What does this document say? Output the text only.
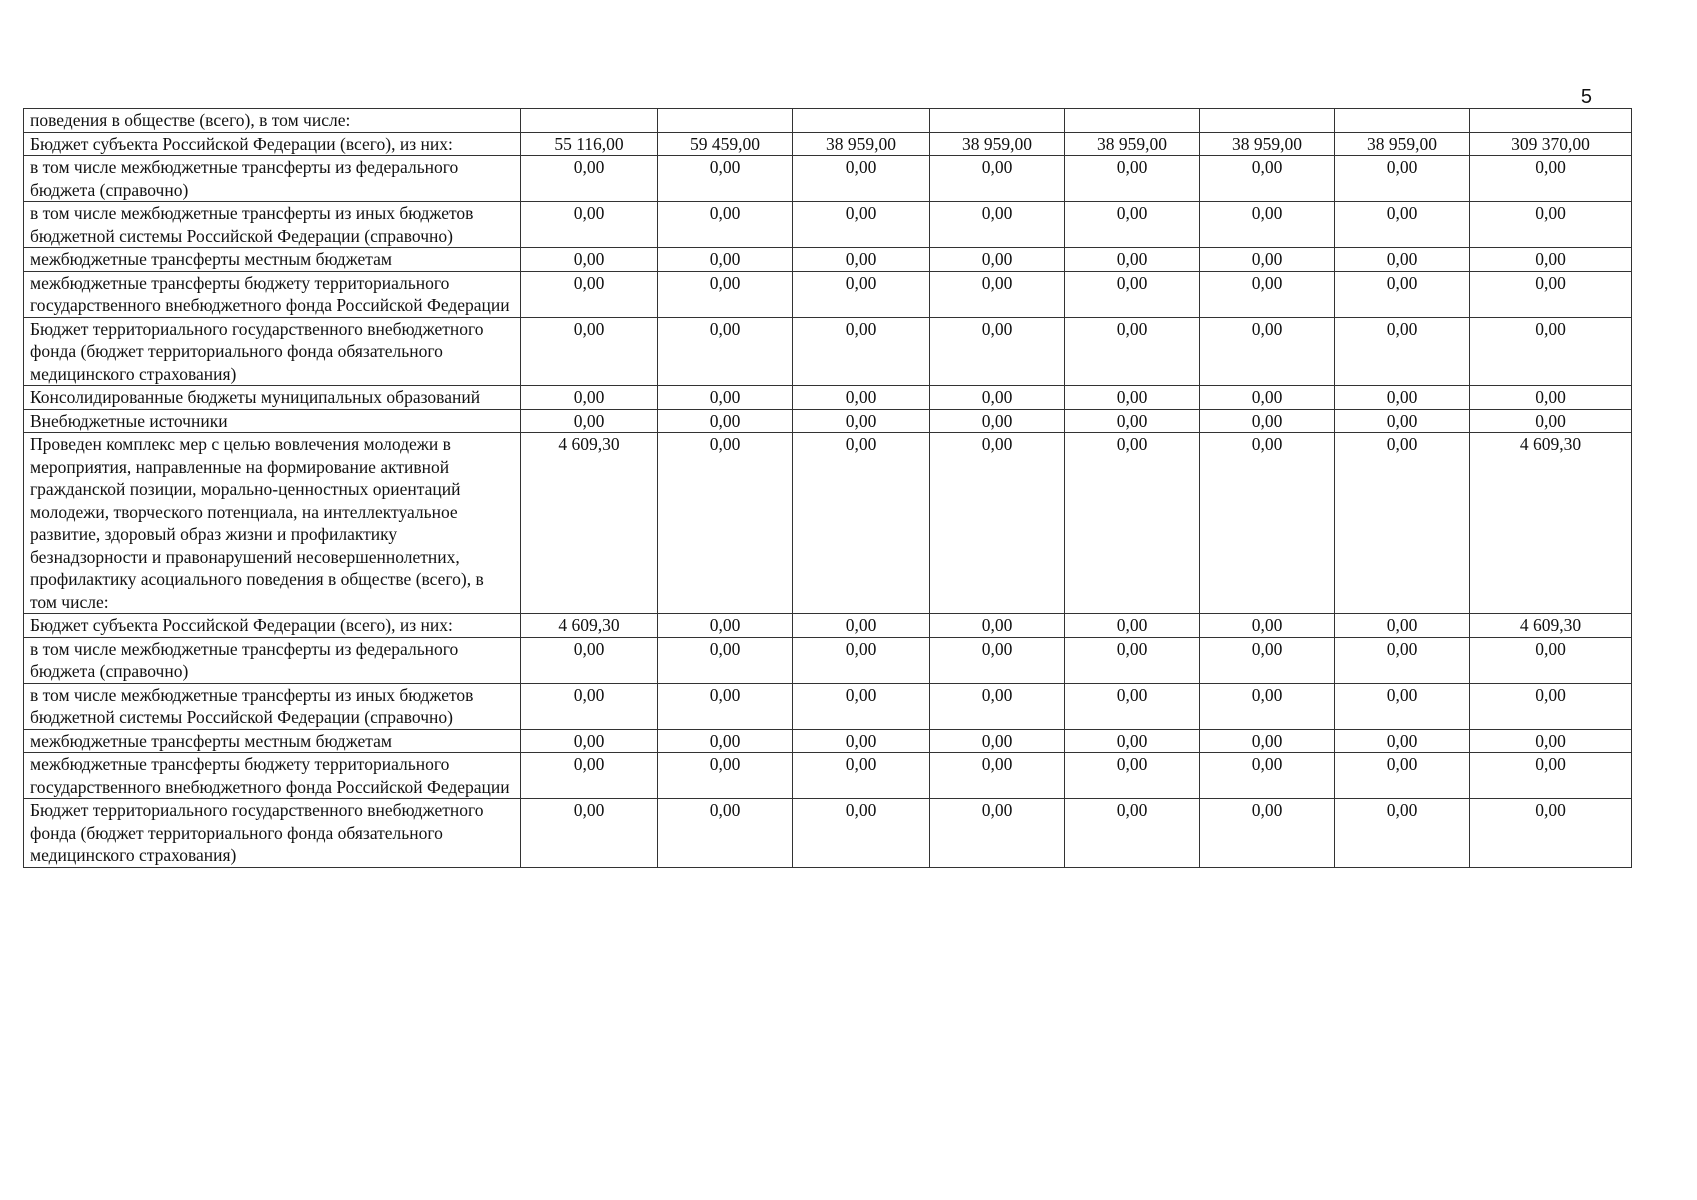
5
поведения в обществе (всего), в том числе:								
Бюджет субъекта Российской Федерации (всего), из них:	55 116,00	59 459,00	38 959,00	38 959,00	38 959,00	38 959,00	38 959,00	309 370,00
в том числе межбюджетные трансферты из федерального бюджета (справочно)	0,00	0,00	0,00	0,00	0,00	0,00	0,00	0,00
в том числе межбюджетные трансферты из иных бюджетов бюджетной системы Российской Федерации (справочно)	0,00	0,00	0,00	0,00	0,00	0,00	0,00	0,00
межбюджетные трансферты местным бюджетам	0,00	0,00	0,00	0,00	0,00	0,00	0,00	0,00
межбюджетные трансферты бюджету территориального государственного внебюджетного фонда Российской Федерации	0,00	0,00	0,00	0,00	0,00	0,00	0,00	0,00
Бюджет территориального государственного внебюджетного фонда (бюджет территориального фонда обязательного медицинского страхования)	0,00	0,00	0,00	0,00	0,00	0,00	0,00	0,00
Консолидированные бюджеты муниципальных образований	0,00	0,00	0,00	0,00	0,00	0,00	0,00	0,00
Внебюджетные источники	0,00	0,00	0,00	0,00	0,00	0,00	0,00	0,00
Проведен комплекс мер с целью вовлечения молодежи в мероприятия, направленные на формирование активной гражданской позиции, морально-ценностных ориентаций молодежи, творческого потенциала, на интеллектуальное развитие, здоровый образ жизни и профилактику безнадзорности и правонарушений несовершеннолетних, профилактику асоциального поведения в обществе (всего), в том числе:	4 609,30	0,00	0,00	0,00	0,00	0,00	0,00	4 609,30
Бюджет субъекта Российской Федерации (всего), из них:	4 609,30	0,00	0,00	0,00	0,00	0,00	0,00	4 609,30
в том числе межбюджетные трансферты из федерального бюджета (справочно)	0,00	0,00	0,00	0,00	0,00	0,00	0,00	0,00
в том числе межбюджетные трансферты из иных бюджетов бюджетной системы Российской Федерации (справочно)	0,00	0,00	0,00	0,00	0,00	0,00	0,00	0,00
межбюджетные трансферты местным бюджетам	0,00	0,00	0,00	0,00	0,00	0,00	0,00	0,00
межбюджетные трансферты бюджету территориального государственного внебюджетного фонда Российской Федерации	0,00	0,00	0,00	0,00	0,00	0,00	0,00	0,00
Бюджет территориального государственного внебюджетного фонда (бюджет территориального фонда обязательного медицинского страхования)	0,00	0,00	0,00	0,00	0,00	0,00	0,00	0,00
